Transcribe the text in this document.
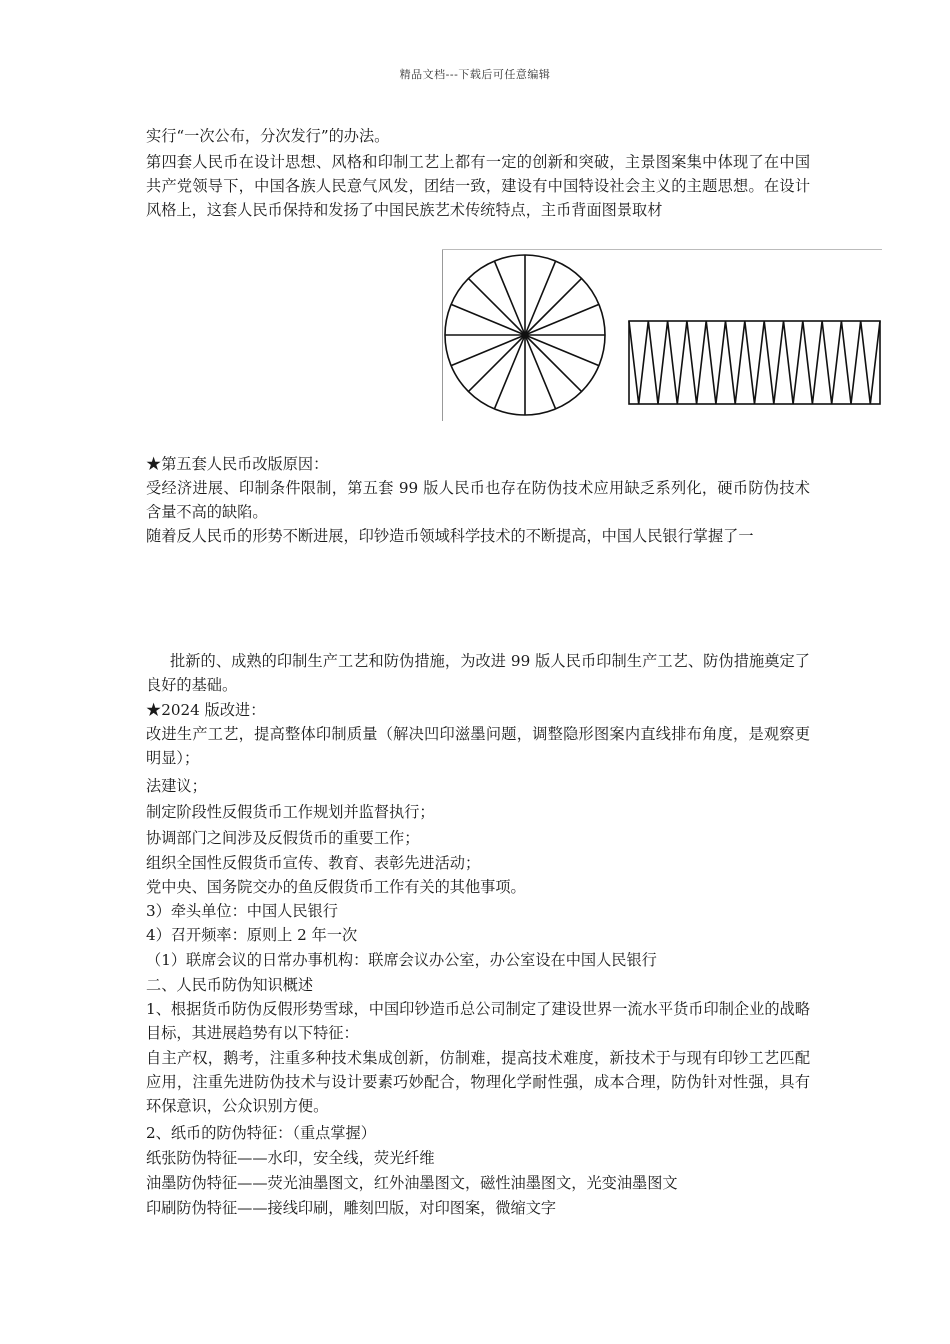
精品文档---下载后可任意编辑
实行“一次公布，分次发行”的办法。
第四套人民币在设计思想、风格和印制工艺上都有一定的创新和突破，主景图案集中体现了在中国共产党领导下，中国各族人民意气风发，团结一致，建设有中国特设社会主义的主题思想。在设计风格上，这套人民币保持和发扬了中国民族艺术传统特点，主币背面图景取材
★第五套人民币改版原因：
受经济进展、印制条件限制，第五套 99 版人民币也存在防伪技术应用缺乏系列化，硬币防伪技术含量不高的缺陷。
随着反人民币的形势不断进展，印钞造币领域科学技术的不断提高，中国人民银行掌握了一
批新的、成熟的印制生产工艺和防伪措施，为改进 99 版人民币印制生产工艺、防伪措施奠定了良好的基础。
★2024 版改进：
改进生产工艺，提高整体印制质量（解决凹印滋墨问题，调整隐形图案内直线排布角度，是观察更明显）；
法建议；
制定阶段性反假货币工作规划并监督执行；
协调部门之间涉及反假货币的重要工作；
组织全国性反假货币宣传、教育、表彰先进活动；
党中央、国务院交办的鱼反假货币工作有关的其他事项。
3）牵头单位：中国人民银行
4）召开频率：原则上 2 年一次
（1）联席会议的日常办事机构：联席会议办公室，办公室设在中国人民银行
二、人民币防伪知识概述
1、根据货币防伪反假形势雪球，中国印钞造币总公司制定了建设世界一流水平货币印制企业的战略目标，其进展趋势有以下特征：
自主产权，鹅考，注重多种技术集成创新，仿制难，提高技术难度，新技术于与现有印钞工艺匹配应用，注重先进防伪技术与设计要素巧妙配合，物理化学耐性强，成本合理，防伪针对性强，具有环保意识，公众识别方便。
2、纸币的防伪特征：（重点掌握）
纸张防伪特征——水印，安全线，荧光纤维
油墨防伪特征——荧光油墨图文，红外油墨图文，磁性油墨图文，光变油墨图文
印刷防伪特征——接线印刷，雕刻凹版，对印图案，微缩文字
